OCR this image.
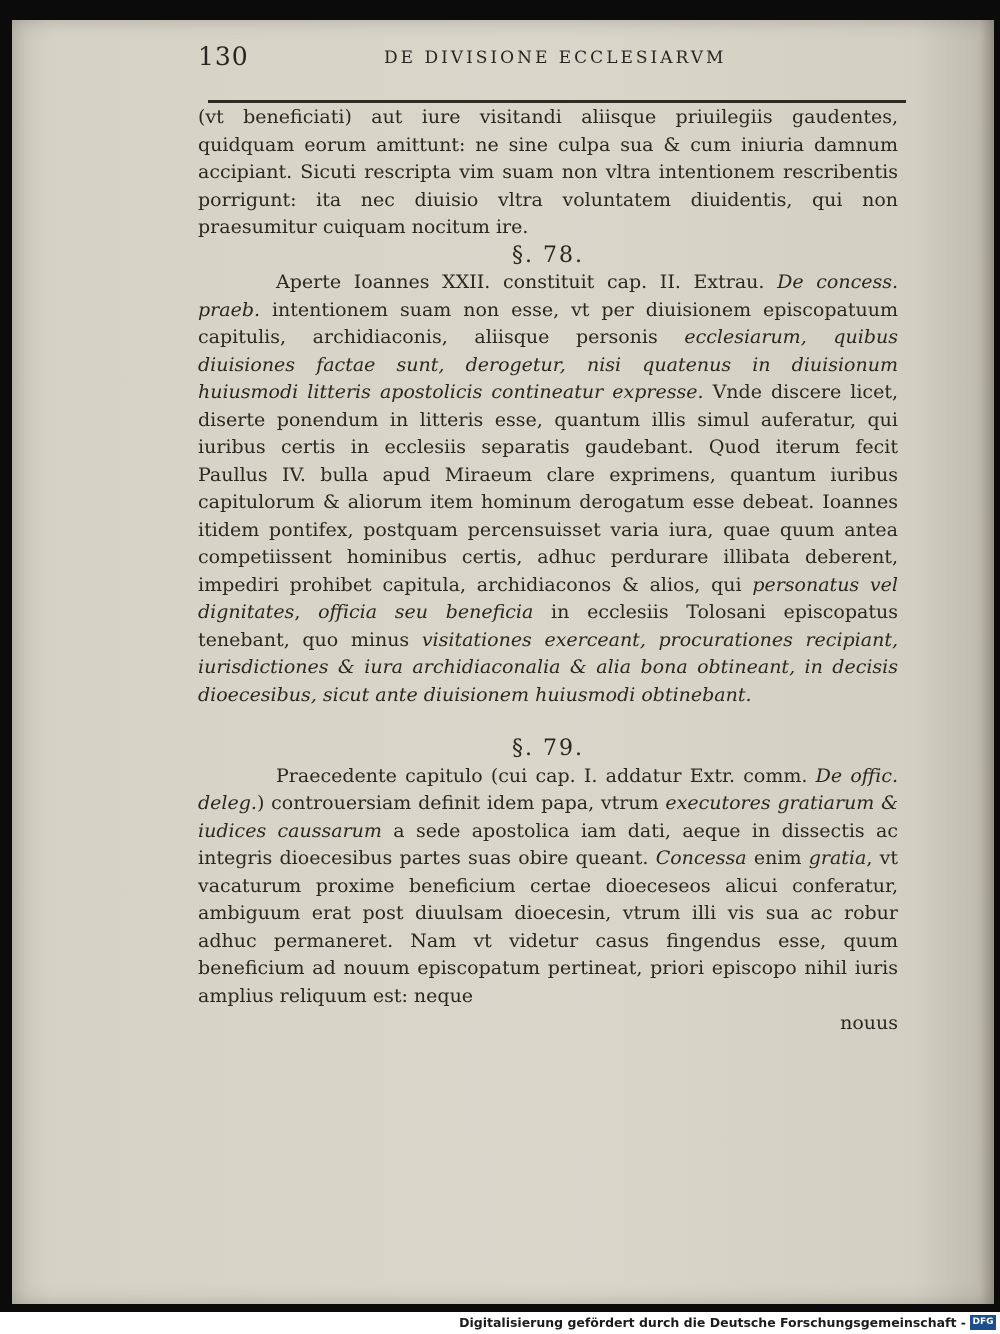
130	DE DIVISIONE ECCLESIARVM

(vt beneficiati) aut iure visitandi aliisque priuilegiis gaudentes, quidquam eorum amittunt: ne sine culpa sua & cum iniuria damnum accipiant. Sicuti rescripta vim suam non vltra intentionem rescribentis porrigunt: ita nec diuisio vltra voluntatem diuidentis, qui non praesumitur cuiquam nocitum ire.

§. 78.

Aperte Ioannes XXII. constituit cap. II. Extrau. De concess. praeb. intentionem suam non esse, vt per diuisionem episcopatuum capitulis, archidiaconis, aliisque personis ecclesiarum, quibus diuisiones factae sunt, derogetur, nisi quatenus in diuisionum huiusmodi litteris apostolicis contineatur expresse. Vnde discere licet, diserte ponendum in litteris esse, quantum illis simul auferatur, qui iuribus certis in ecclesiis separatis gaudebant. Quod iterum fecit Paullus IV. bulla apud Miraeum clare exprimens, quantum iuribus capitulorum & aliorum item hominum derogatum esse debeat. Ioannes itidem pontifex, postquam percensuisset varia iura, quae quum antea competiissent hominibus certis, adhuc perdurare illibata deberent, impediri prohibet capitula, archidiaconos & alios, qui personatus vel dignitates, officia seu beneficia in ecclesiis Tolosani episcopatus tenebant, quo minus visitationes exerceant, procurationes recipiant, iurisdictiones & iura archidiaconalia & alia bona obtineant, in decisis dioecesibus, sicut ante diuisionem huiusmodi obtinebant.

§. 79.

Praecedente capitulo (cui cap. I. addatur Extr. comm. De offic. deleg.) controuersiam definit idem papa, vtrum executores gratiarum & iudices caussarum a sede apostolica iam dati, aeque in dissectis ac integris dioecesibus partes suas obire queant. Concessa enim gratia, vt vacaturum proxime beneficium certae dioeceseos alicui conferatur, ambiguum erat post diuulsam dioecesin, vtrum illi vis sua ac robur adhuc permaneret. Nam vt videtur casus fingendus esse, quum beneficium ad nouum episcopatum pertineat, priori episcopo nihil iuris amplius reliquum est: neque

nouus

Digitalisierung gefördert durch die Deutsche Forschungsgemeinschaft - DFG
